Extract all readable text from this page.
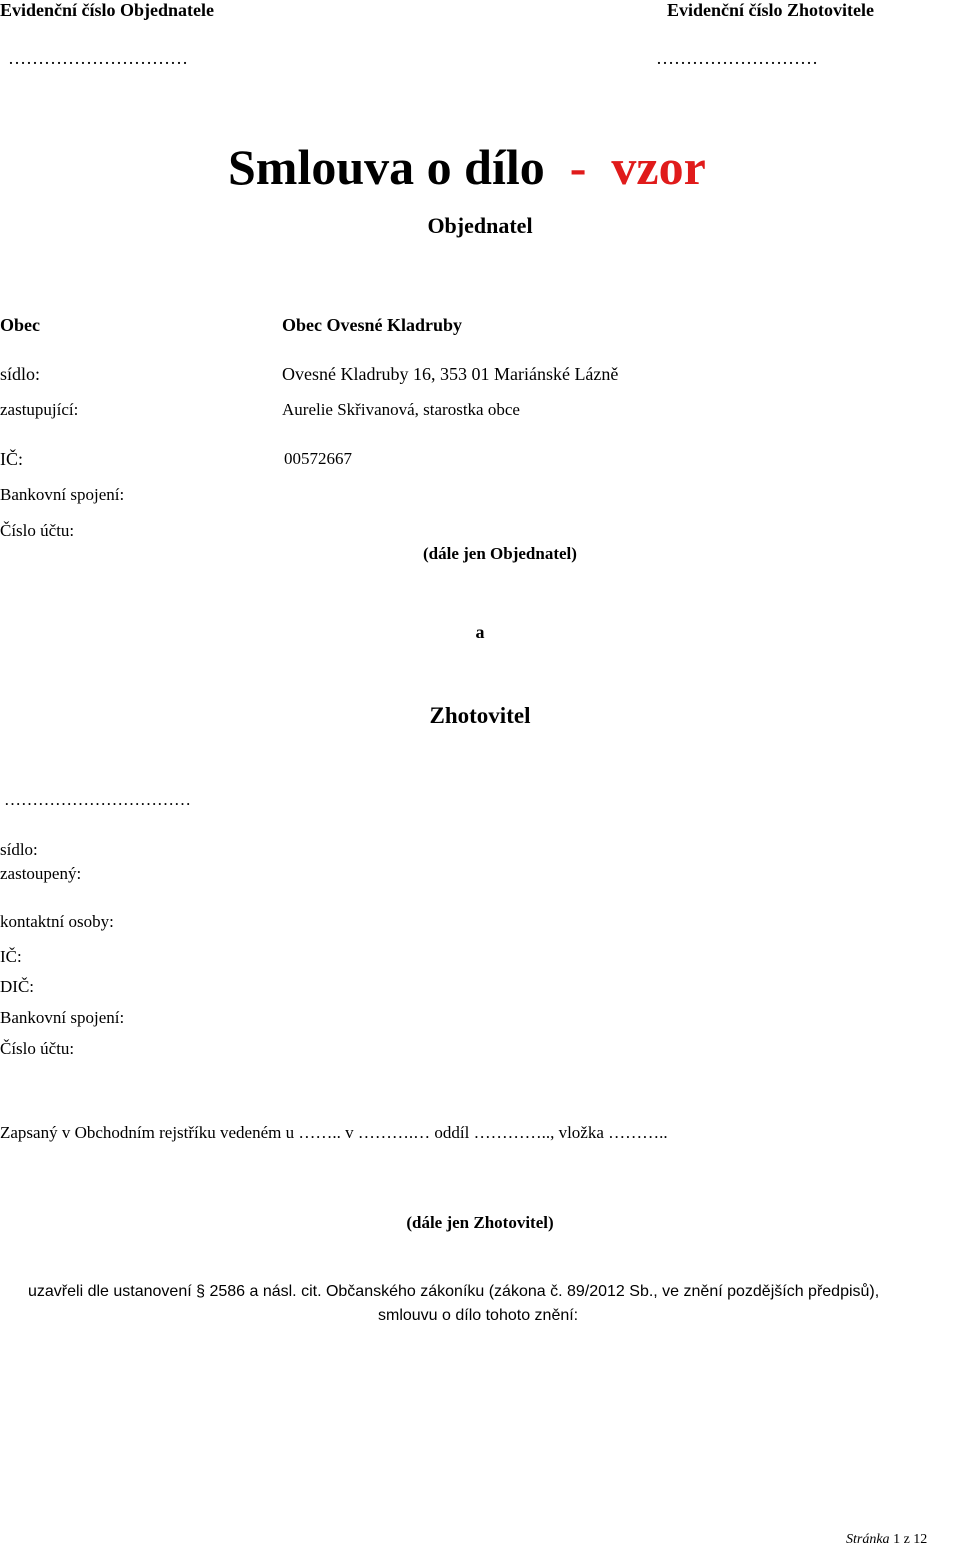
Evidenční číslo Objednatele	Evidenční číslo Zhotovitele
…………………………	………………………
Smlouva o dílo - vzor
Objednatel
Obec	Obec Ovesné Kladruby
sídlo:	Ovesné Kladruby 16, 353 01 Mariánské Lázně
zastupující:	Aurelie Skřivanová, starostka obce
IČ:	00572667
Bankovní spojení:
Číslo účtu:
(dále jen Objednatel)
a
Zhotovitel
……………………………
sídlo:
zastoupený:
kontaktní osoby:
IČ:
DIČ:
Bankovní spojení:
Číslo účtu:
Zapsaný v Obchodním rejstříku vedeném u …….. v ……….… oddíl ………….., vložka ………..
(dále jen Zhotovitel)
uzavřeli dle ustanovení § 2586 a násl. cit. Občanského zákoníku (zákona č. 89/2012 Sb., ve znění pozdějších předpisů),
smlouvu o dílo tohoto znění:
Stránka 1 z 12
